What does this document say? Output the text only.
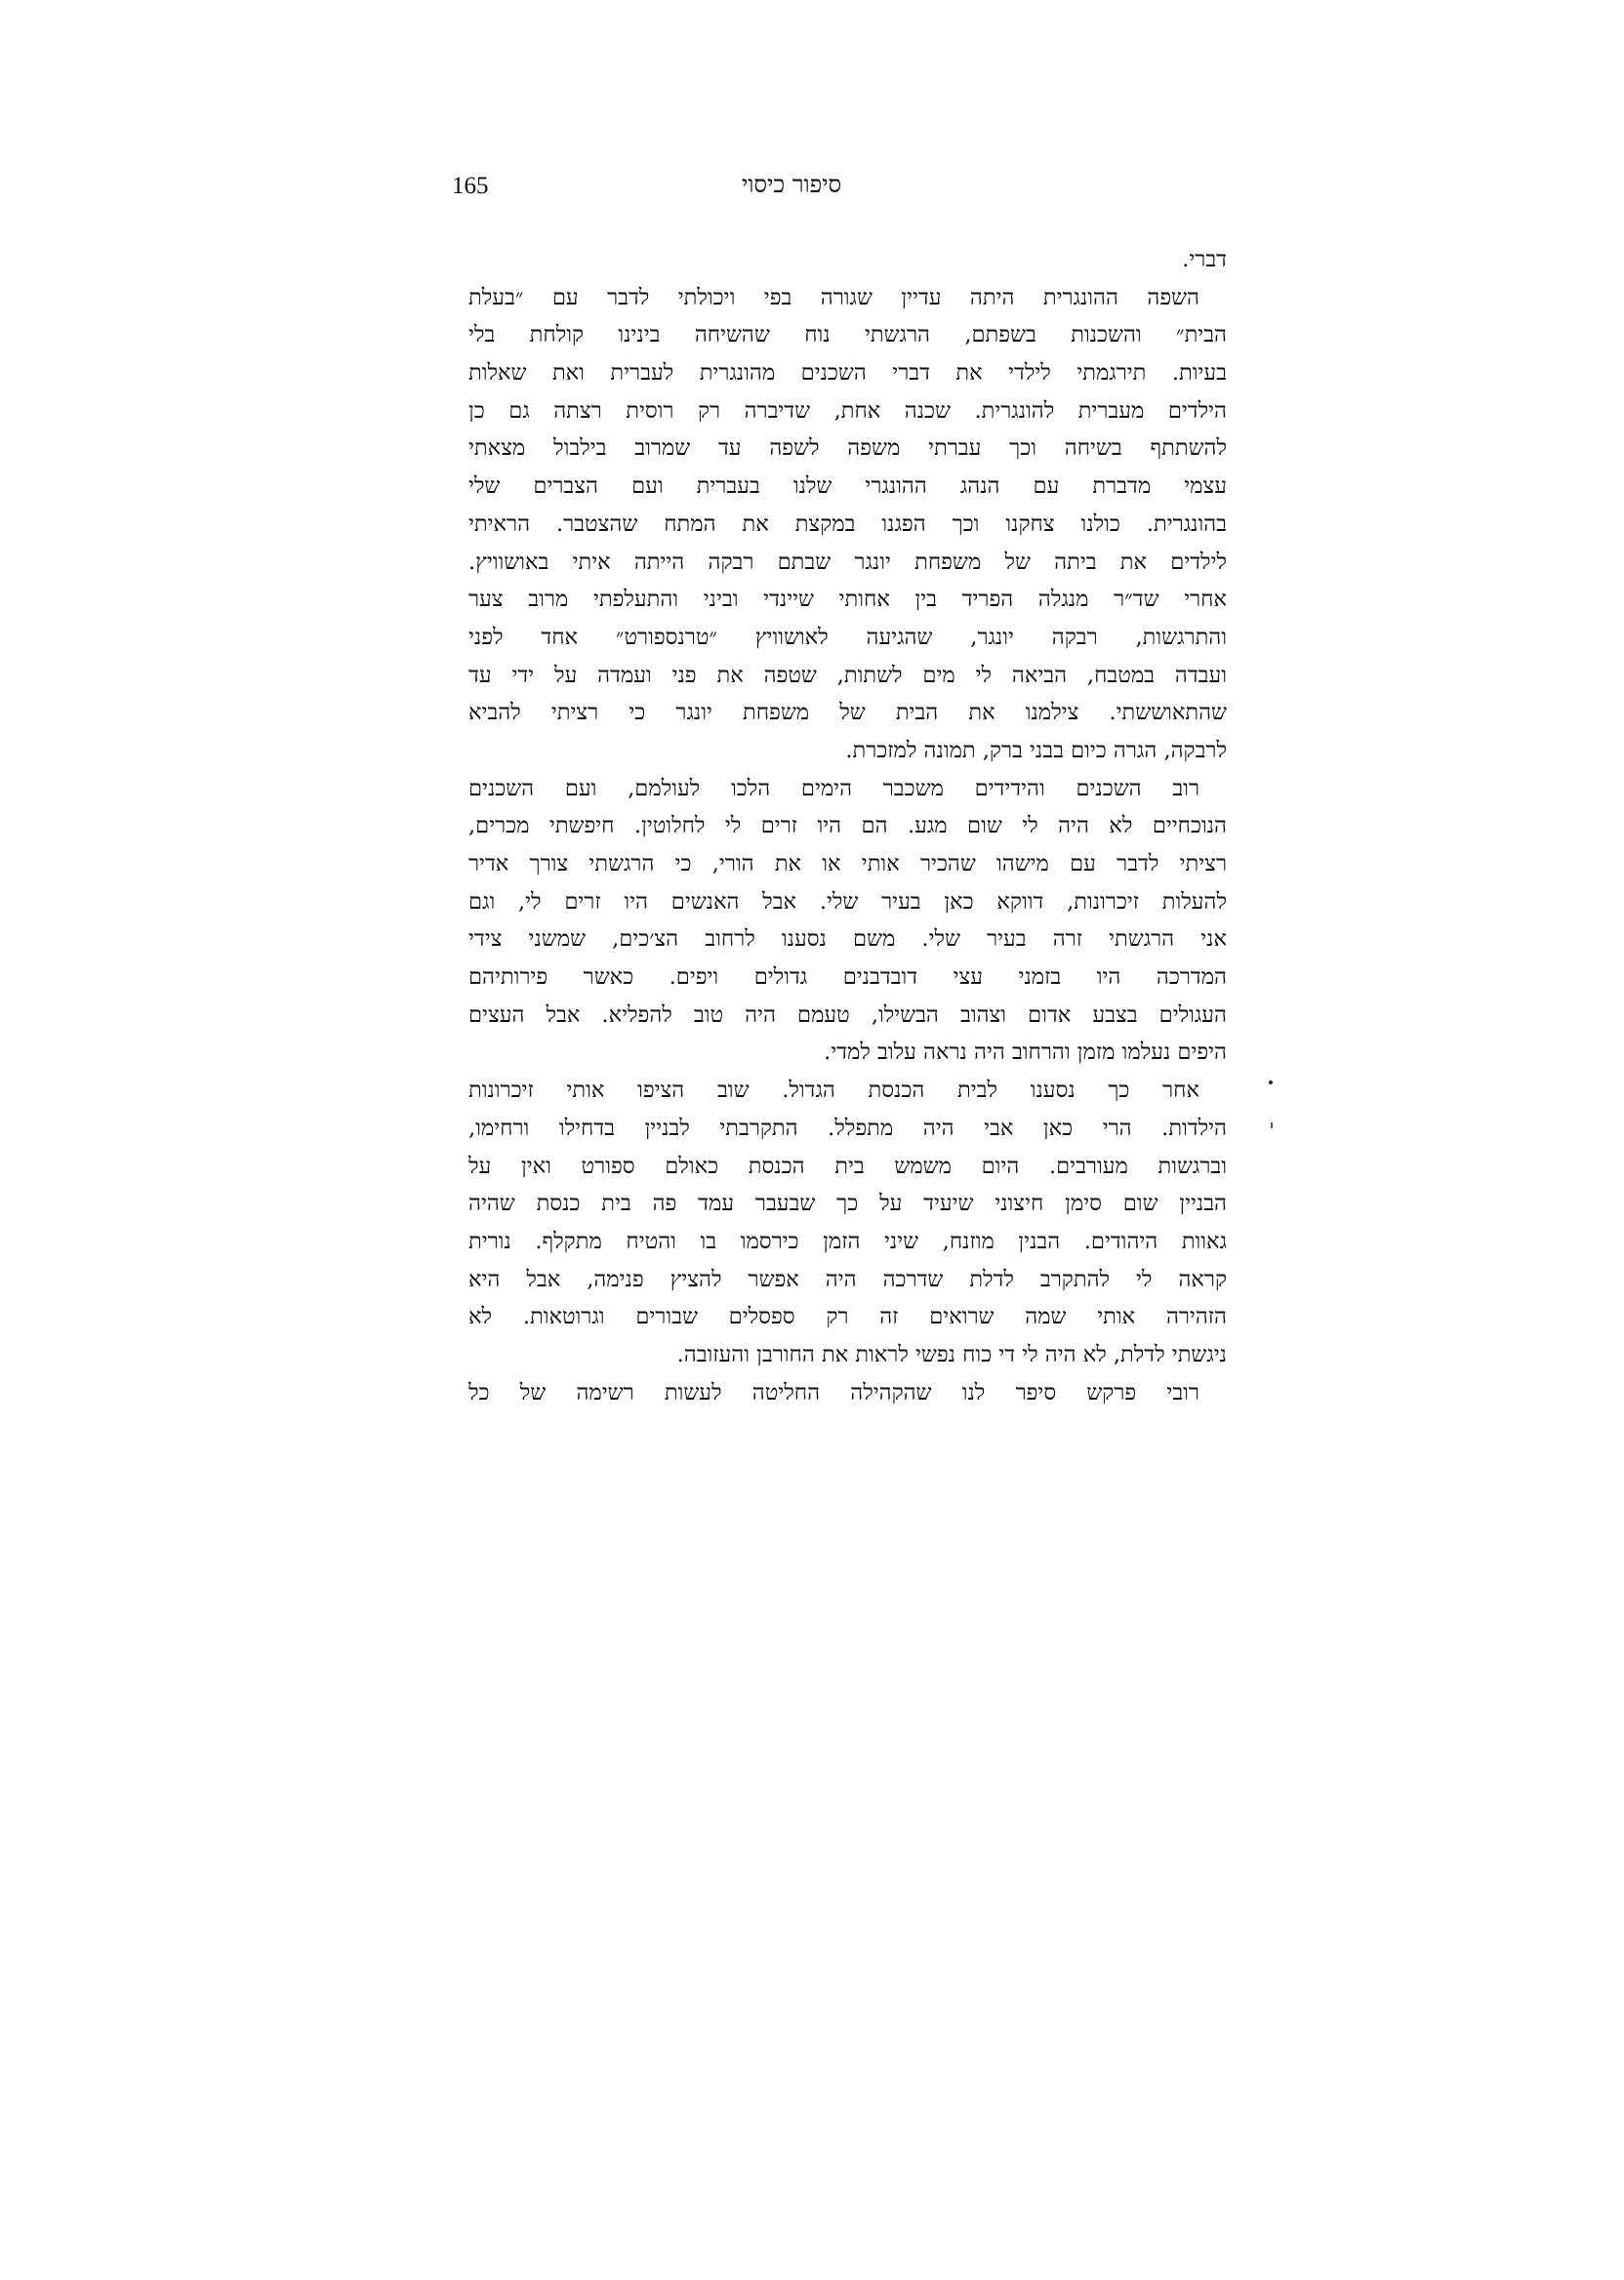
165	סיפור כיסוי
דברי.
השפה ההונגרית היתה עדיין שגורה בפי ויכולתי לדבר עם ״בעלת
הבית״ והשכנות בשפתם, הרגשתי נוח שהשיחה בינינו קולחת בלי
בעיות. תירגמתי לילדי את דברי השכנים מהונגרית לעברית ואת שאלות
הילדים מעברית להונגרית. שכנה אחת, שדיברה רק רוסית רצתה גם כן
להשתתף בשיחה וכך עברתי משפה לשפה עד שמרוב בילבול מצאתי
עצמי מדברת עם הנהג ההונגרי שלנו בעברית ועם הצברים שלי
בהונגרית. כולנו צחקנו וכך הפגנו במקצת את המתח שהצטבר. הראיתי
לילדים את ביתה של משפחת יונגר שבתם רבקה הייתה איתי באושוויץ.
אחרי שד״ר מנגלה הפריד בין אחותי שיינדי וביני והתעלפתי מרוב צער
והתרגשות, רבקה יונגר, שהגיעה לאושוויץ ״טרנספורט״ אחד לפני
ועבדה במטבח, הביאה לי מים לשתות, שטפה את פני ועמדה על ידי עד
שהתאוששתי. צילמנו את הבית של משפחת יונגר כי רציתי להביא
לרבקה, הגרה כיום בבני ברק, תמונה למזכרת.
רוב השכנים והידידים משכבר הימים הלכו לעולמם, ועם השכנים
הנוכחיים לא היה לי שום מגע. הם היו זרים לי לחלוטין. חיפשתי מכרים,
רציתי לדבר עם מישהו שהכיר אותי או את הורי, כי הרגשתי צורך אדיר
להעלות זיכרונות, דווקא כאן בעיר שלי. אבל האנשים היו זרים לי, וגם
אני הרגשתי זרה בעיר שלי. משם נסענו לרחוב הצ׳כים, שמשני צידי
המדרכה היו בזמני עצי דובדבנים גדולים ויפים. כאשר פירותיהם
העגולים בצבע אדום וצהוב הבשילו, טעמם היה טוב להפליא. אבל העצים
היפים נעלמו מזמן והרחוב היה נראה עלוב למדי.
אחר כך נסענו לבית הכנסת הגדול. שוב הציפו אותי זיכרונות
הילדות. הרי כאן אבי היה מתפלל. התקרבתי לבניין בדחילו ורחימו,
וברגשות מעורבים. היום משמש בית הכנסת כאולם ספורט ואין על
הבניין שום סימן חיצוני שיעיד על כך שבעבר עמד פה בית כנסת שהיה
גאוות היהודים. הבנין מוזנח, שיני הזמן כירסמו בו והטיח מתקלף. נורית
קראה לי להתקרב לדלת שדרכה היה אפשר להציץ פנימה, אבל היא
הזהירה אותי שמה שרואים זה רק ספסלים שבורים וגרוטאות. לא
ניגשתי לדלת, לא היה לי די כוח נפשי לראות את החורבן והעזובה.
רובי פרקש סיפר לנו שהקהילה החליטה לעשות רשימה של כל
